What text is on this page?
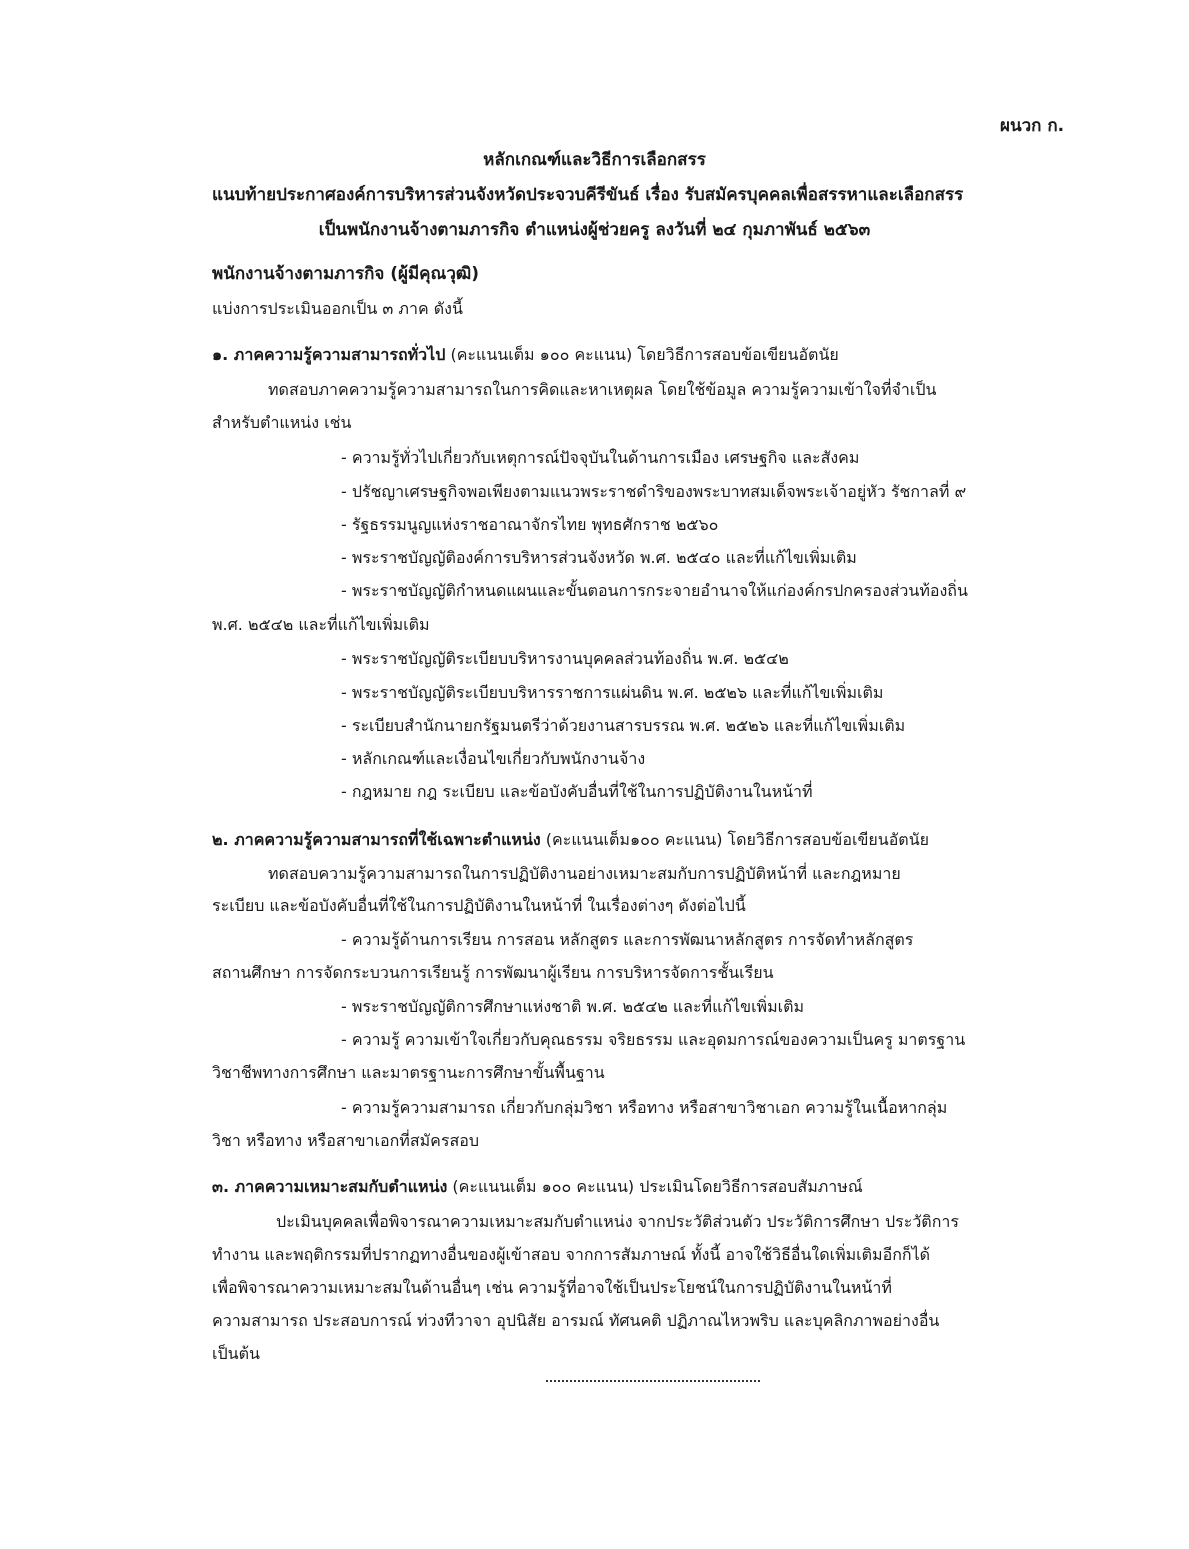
ผนวก ก.
หลักเกณฑ์และวิธีการเลือกสรร
แนบท้ายประกาศองค์การบริหารส่วนจังหวัดประจวบคีรีขันธ์ เรื่อง รับสมัครบุคคลเพื่อสรรหาและเลือกสรร
เป็นพนักงานจ้างตามภารกิจ ตำแหน่งผู้ช่วยครู ลงวันที่ ๒๔ กุมภาพันธ์ ๒๕๖๓
พนักงานจ้างตามภารกิจ (ผู้มีคุณวุฒิ)
แบ่งการประเมินออกเป็น ๓ ภาค ดังนี้
๑. ภาคความรู้ความสามารถทั่วไป (คะแนนเต็ม ๑๐๐ คะแนน) โดยวิธีการสอบข้อเขียนอัตนัย
ทดสอบภาคความรู้ความสามารถในการคิดและหาเหตุผล โดยใช้ข้อมูล ความรู้ความเข้าใจที่จำเป็น
สำหรับตำแหน่ง เช่น
- ความรู้ทั่วไปเกี่ยวกับเหตุการณ์ปัจจุบันในด้านการเมือง เศรษฐกิจ และสังคม
- ปรัชญาเศรษฐกิจพอเพียงตามแนวพระราชดำริของพระบาทสมเด็จพระเจ้าอยู่หัว รัชกาลที่ ๙
- รัฐธรรมนูญแห่งราชอาณาจักรไทย พุทธศักราช ๒๕๖๐
- พระราชบัญญัติองค์การบริหารส่วนจังหวัด พ.ศ. ๒๕๔๐ และที่แก้ไขเพิ่มเติม
- พระราชบัญญัติกำหนดแผนและขั้นตอนการกระจายอำนาจให้แก่องค์กรปกครองส่วนท้องถิ่น
พ.ศ. ๒๕๔๒ และที่แก้ไขเพิ่มเติม
- พระราชบัญญัติระเบียบบริหารงานบุคคลส่วนท้องถิ่น พ.ศ. ๒๕๔๒
- พระราชบัญญัติระเบียบบริหารราชการแผ่นดิน พ.ศ. ๒๕๒๖ และที่แก้ไขเพิ่มเติม
- ระเบียบสำนักนายกรัฐมนตรีว่าด้วยงานสารบรรณ พ.ศ. ๒๕๒๖ และที่แก้ไขเพิ่มเติม
- หลักเกณฑ์และเงื่อนไขเกี่ยวกับพนักงานจ้าง
- กฎหมาย กฎ ระเบียบ และข้อบังคับอื่นที่ใช้ในการปฏิบัติงานในหน้าที่
๒. ภาคความรู้ความสามารถที่ใช้เฉพาะตำแหน่ง (คะแนนเต็ม๑๐๐ คะแนน) โดยวิธีการสอบข้อเขียนอัตนัย
ทดสอบความรู้ความสามารถในการปฏิบัติงานอย่างเหมาะสมกับการปฏิบัติหน้าที่ และกฎหมาย
ระเบียบ และข้อบังคับอื่นที่ใช้ในการปฏิบัติงานในหน้าที่ ในเรื่องต่างๆ ดังต่อไปนี้
- ความรู้ด้านการเรียน การสอน หลักสูตร และการพัฒนาหลักสูตร การจัดทำหลักสูตร
สถานศึกษา การจัดกระบวนการเรียนรู้ การพัฒนาผู้เรียน การบริหารจัดการชั้นเรียน
- พระราชบัญญัติการศึกษาแห่งชาติ พ.ศ. ๒๕๔๒ และที่แก้ไขเพิ่มเติม
- ความรู้ ความเข้าใจเกี่ยวกับคุณธรรม จริยธรรม และอุดมการณ์ของความเป็นครู มาตรฐาน
วิชาชีพทางการศึกษา และมาตรฐานะการศึกษาขั้นพื้นฐาน
- ความรู้ความสามารถ เกี่ยวกับกลุ่มวิชา หรือทาง หรือสาขาวิชาเอก ความรู้ในเนื้อหากลุ่ม
วิชา หรือทาง หรือสาขาเอกที่สมัครสอบ
๓. ภาคความเหมาะสมกับตำแหน่ง (คะแนนเต็ม ๑๐๐ คะแนน) ประเมินโดยวิธีการสอบสัมภาษณ์
ปะเมินบุคคลเพื่อพิจารณาความเหมาะสมกับตำแหน่ง จากประวัติส่วนตัว ประวัติการศึกษา ประวัติการ
ทำงาน และพฤติกรรมที่ปรากฏทางอื่นของผู้เข้าสอบ จากการสัมภาษณ์ ทั้งนี้ อาจใช้วิธีอื่นใดเพิ่มเติมอีกก็ได้
เพื่อพิจารณาความเหมาะสมในด้านอื่นๆ เช่น ความรู้ที่อาจใช้เป็นประโยชน์ในการปฏิบัติงานในหน้าที่
ความสามารถ ประสอบการณ์ ท่วงทีวาจา อุปนิสัย อารมณ์ ทัศนคติ ปฏิภาณไหวพริบ และบุคลิกภาพอย่างอื่น
เป็นต้น
